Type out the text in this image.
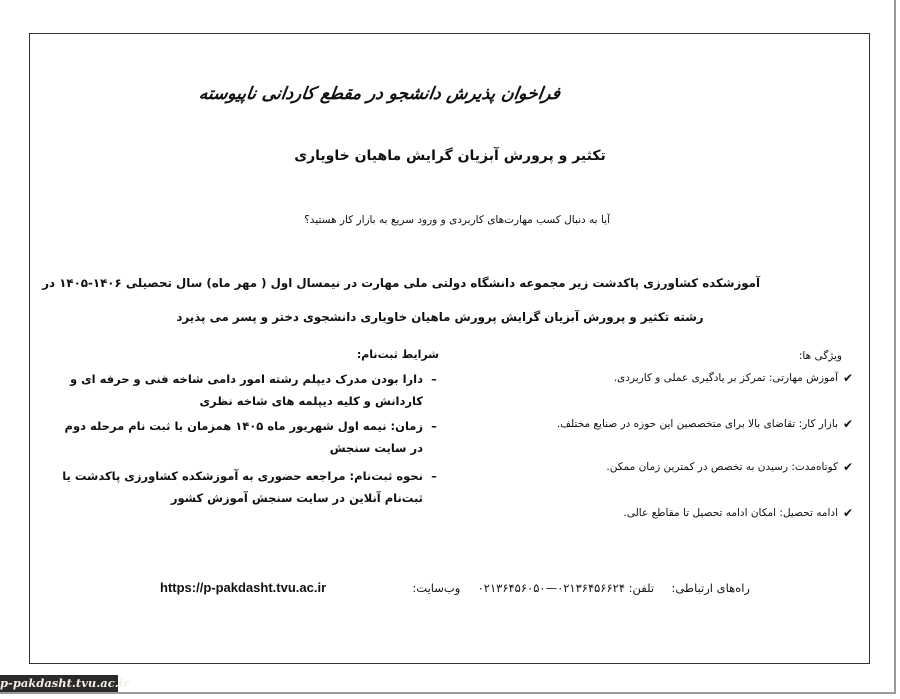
فراخوان پذیرش دانشجو در مقطع کاردانی ناپیوسته
تکثیر و پرورش آبزیان گرایش ماهیان خاویاری
آیا به دنبال کسب مهارت‌های کاربردی و ورود سریع به بازار کار هستید؟
آموزشکده کشاورزی پاکدشت زیر مجموعه دانشگاه دولتی ملی مهارت در نیمسال اول ( مهر ماه) سال تحصیلی ۱۴۰۶-۱۴۰۵ در
رشته تکثیر و پرورش آبزیان گرایش پرورش ماهیان خاویاری دانشجوی دختر و پسر می پذیرد
ویژگی ها:
✔
آموزش مهارتی: تمرکز بر یادگیری عملی و کاربردی.
✔
بازار کار: تقاضای بالا برای متخصصین این حوزه در صنایع مختلف.
✔
کوتاه‌مدت: رسیدن به تخصص در کمترین زمان ممکن.
✔
ادامه تحصیل: امکان ادامه تحصیل تا مقاطع عالی.
شرایط ثبت‌نام:
–
دارا بودن مدرک دیپلم رشته امور دامی شاخه فنی و حرفه ای و کاردانش و کلیه دیپلمه های شاخه نظری
–
زمان: نیمه اول شهریور ماه ۱۴۰۵ همزمان با ثبت نام مرحله دوم در سایت سنجش
–
نحوه ثبت‌نام: مراجعه حضوری به آموزشکده کشاورزی پاکدشت یا ثبت‌نام آنلاین در سایت سنجش آموزش کشور
راه‌های ارتباطی:  تلفن: ۰۲۱۳۶۴۵۶۶۲۴—۰۲۱۳۶۴۵۶۰۵۰  وب‌سایت:
https://p-pakdasht.tvu.ac.ir
p-pakdasht.tvu.ac.ir
